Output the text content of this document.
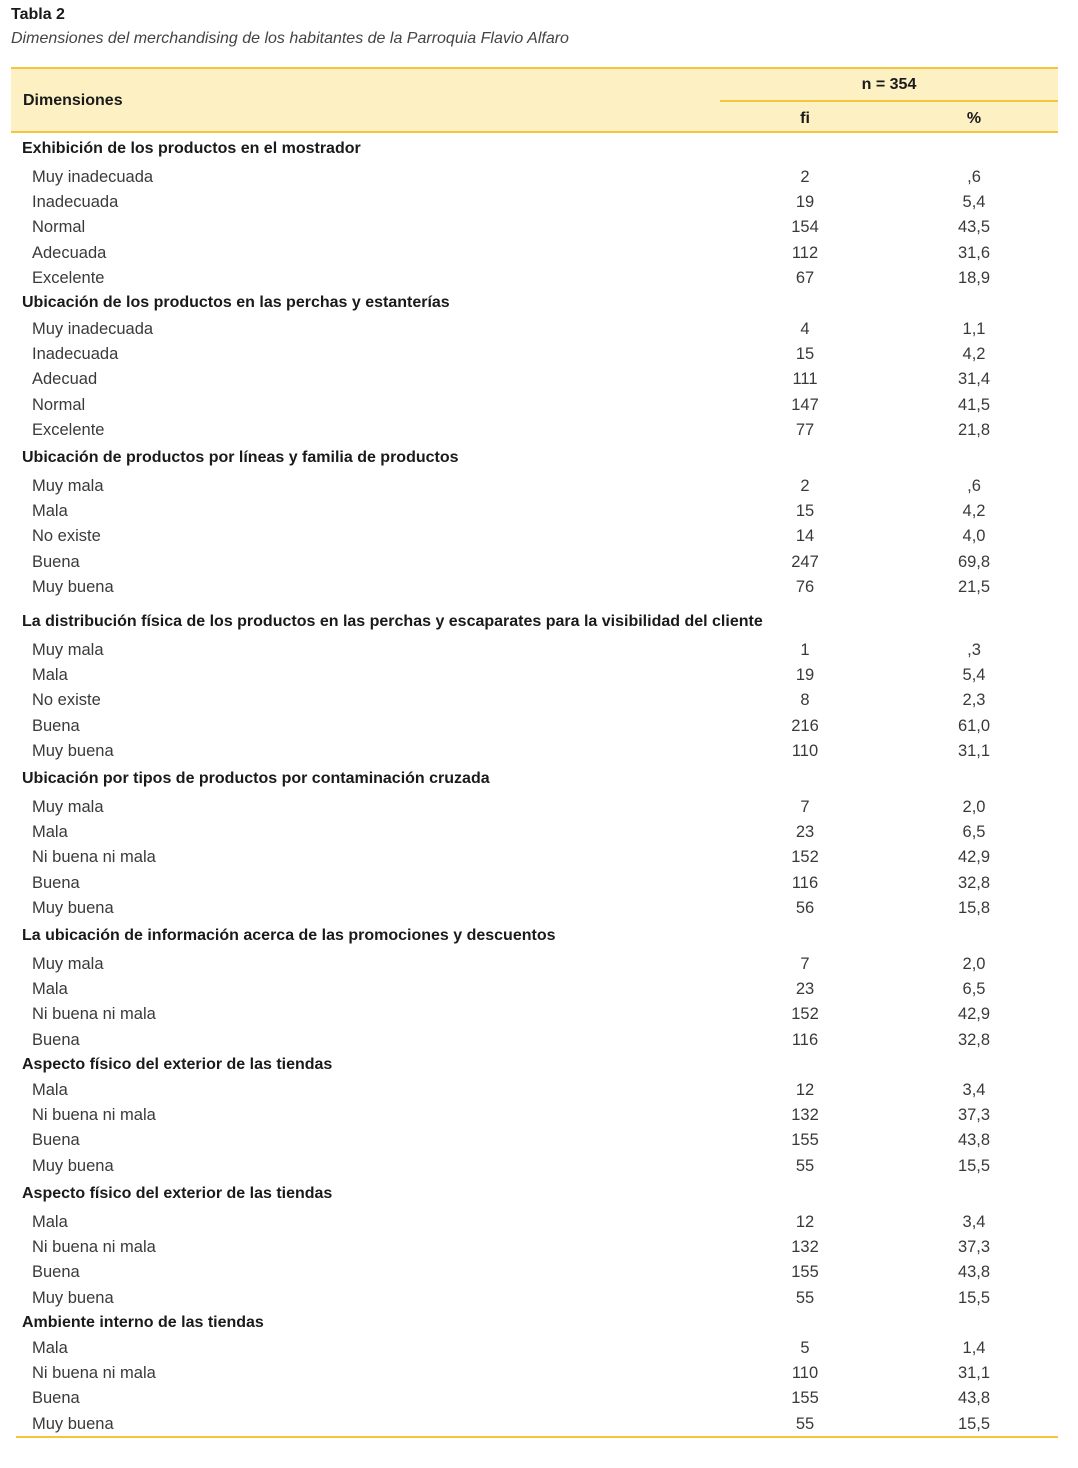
Tabla 2
Dimensiones del merchandising de los habitantes de la Parroquia Flavio Alfaro
Dimensiones
n = 354
fi	%
Exhibición de los productos en el mostrador
Muy inadecuada	2	,6
Inadecuada	19	5,4
Normal	154	43,5
Adecuada	112	31,6
Excelente	67	18,9
Ubicación de los productos en las perchas y estanterías
Muy inadecuada	4	1,1
Inadecuada	15	4,2
Adecuad	111	31,4
Normal	147	41,5
Excelente	77	21,8
Ubicación de productos por líneas y familia de productos
Muy mala	2	,6
Mala	15	4,2
No existe	14	4,0
Buena	247	69,8
Muy buena	76	21,5
La distribución física de los productos en las perchas y escaparates para la visibilidad del cliente
Muy mala	1	,3
Mala	19	5,4
No existe	8	2,3
Buena	216	61,0
Muy buena	110	31,1
Ubicación por tipos de productos por contaminación cruzada
Muy mala	7	2,0
Mala	23	6,5
Ni buena ni mala	152	42,9
Buena	116	32,8
Muy buena	56	15,8
La ubicación de información acerca de las promociones y descuentos
Muy mala	7	2,0
Mala	23	6,5
Ni buena ni mala	152	42,9
Buena	116	32,8
Aspecto físico del exterior de las tiendas
Mala	12	3,4
Ni buena ni mala	132	37,3
Buena	155	43,8
Muy buena	55	15,5
Aspecto físico del exterior de las tiendas
Mala	12	3,4
Ni buena ni mala	132	37,3
Buena	155	43,8
Muy buena	55	15,5
Ambiente interno de las tiendas
Mala	5	1,4
Ni buena ni mala	110	31,1
Buena	155	43,8
Muy buena	55	15,5
